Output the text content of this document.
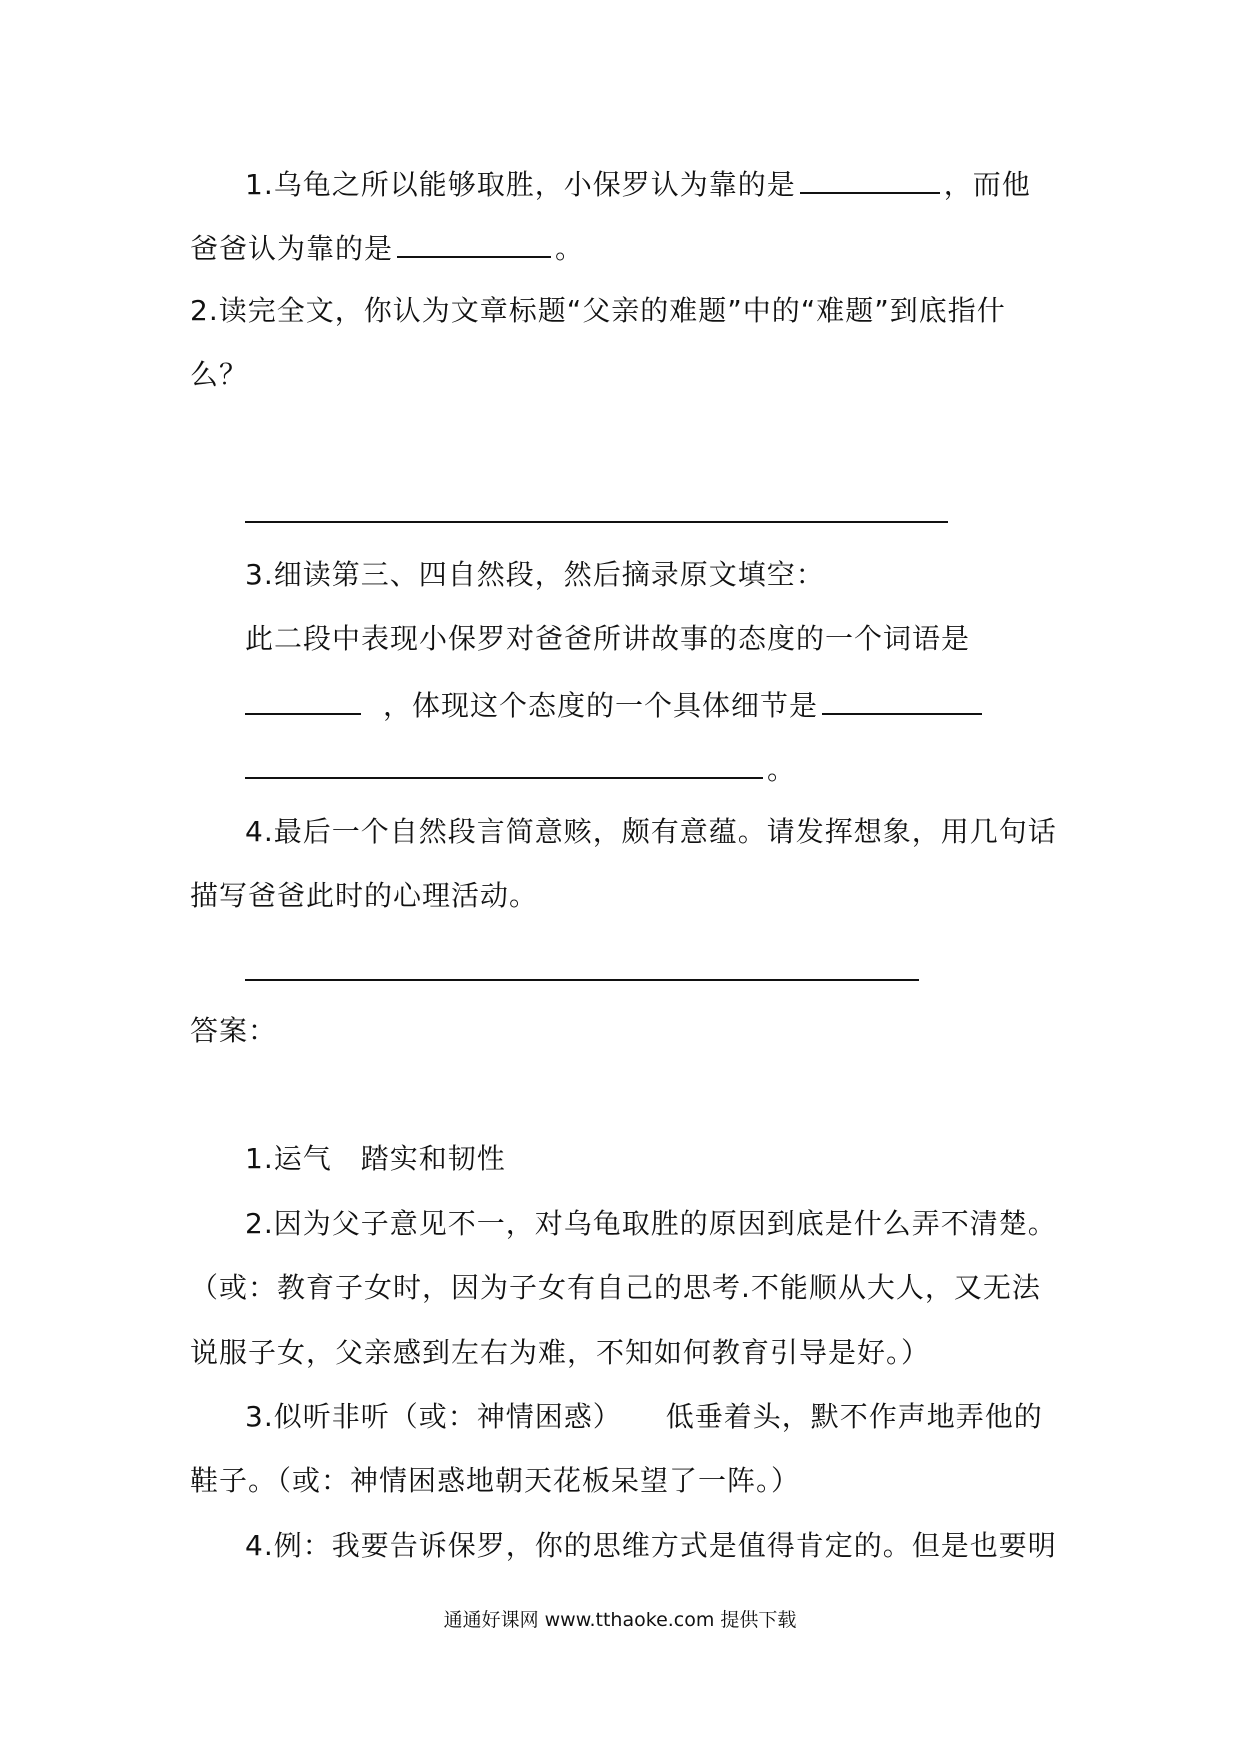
1.乌龟之所以能够取胜，小保罗认为靠的是	，而他
爸爸认为靠的是	。
2.读完全文，你认为文章标题“父亲的难题”中的“难题”到底指什
么？
3.细读第三、四自然段，然后摘录原文填空：
此二段中表现小保罗对爸爸所讲故事的态度的一个词语是
，体现这个态度的一个具体细节是
。
4.最后一个自然段言简意赅，颇有意蕴。请发挥想象，用几句话
描写爸爸此时的心理活动。
答案：
1.运气　踏实和韧性
2.因为父子意见不一，对乌龟取胜的原因到底是什么弄不清楚。
（或：教育子女时，因为子女有自己的思考.不能顺从大人，又无法
说服子女，父亲感到左右为难，不知如何教育引导是好。）
3.似听非听（或：神情困惑）　　低垂着头，默不作声地弄他的
鞋子。（或：神情困惑地朝天花板呆望了一阵。）
4.例：我要告诉保罗，你的思维方式是值得肯定的。但是也要明
通通好课网 www.tthaoke.com 提供下载
